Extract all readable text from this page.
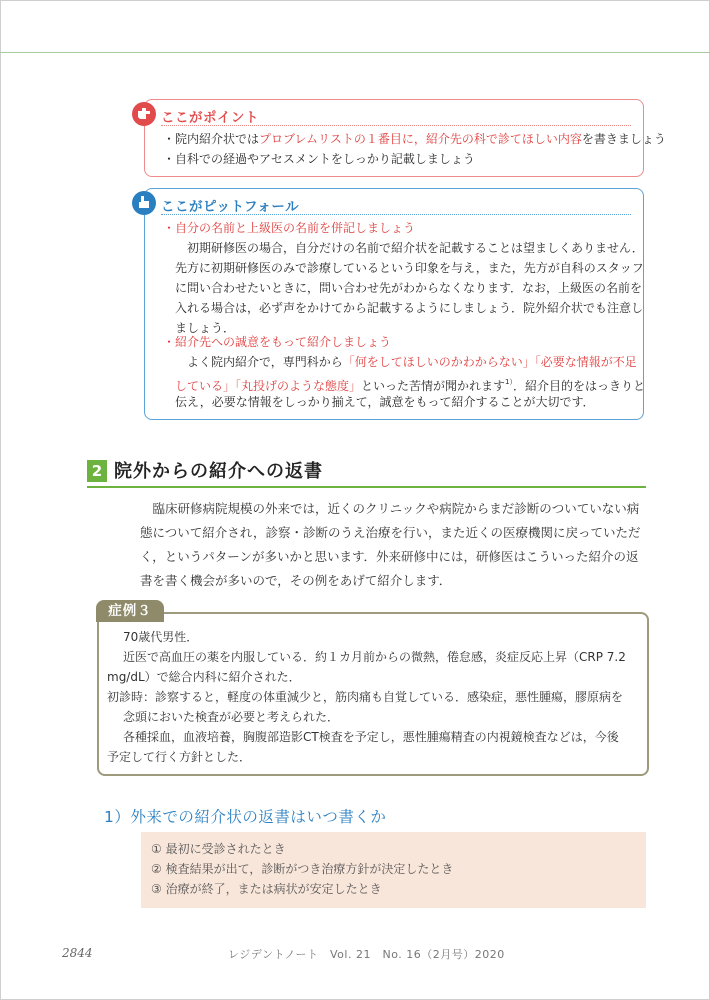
ここがポイント
・院内紹介状ではプロブレムリストの１番目に，紹介先の科で診てほしい内容を書きましょう
・自科での経過やアセスメントをしっかり記載しましょう
ここがピットフォール
・自分の名前と上級医の名前を併記しましょう
　初期研修医の場合，自分だけの名前で紹介状を記載することは望ましくありません．
先方に初期研修医のみで診療しているという印象を与え，また，先方が自科のスタッフ
に問い合わせたいときに，問い合わせ先がわからなくなります．なお，上級医の名前を
入れる場合は，必ず声をかけてから記載するようにしましょう．院外紹介状でも注意し
ましょう．
・紹介先への誠意をもって紹介しましょう
　よく院内紹介で，専門科から「何をしてほしいのかわからない」「必要な情報が不足
している」「丸投げのような態度」といった苦情が聞かれます$^{1)}$．紹介目的をはっきりと
伝え，必要な情報をしっかり揃えて，誠意をもって紹介することが大切です．
2 院外からの紹介への返書
　臨床研修病院規模の外来では，近くのクリニックや病院からまだ診断のついていない病
態について紹介され，診察・診断のうえ治療を行い，また近くの医療機関に戻っていただ
く，というパターンが多いかと思います．外来研修中には，研修医はこういった紹介の返
書を書く機会が多いので，その例をあげて紹介します．
70歳代男性．
近医で高血圧の薬を内服している．約１カ月前からの微熱，倦怠感，炎症反応上昇（CRP 7.2
mg/dL）で総合内科に紹介された．
初診時：診察すると，軽度の体重減少と，筋肉痛も自覚している．感染症，悪性腫瘍，膠原病を
念頭においた検査が必要と考えられた．
各種採血，血液培養，胸腹部造影CT検査を予定し，悪性腫瘍精査の内視鏡検査などは，今後
予定して行く方針とした．
症例３
1）外来での紹介状の返書はいつ書くか
① 最初に受診されたとき
② 検査結果が出て，診断がつき治療方針が決定したとき
③ 治療が終了，または病状が安定したとき
2844	レジデントノート　Vol. 21　No. 16（2月号）2020
